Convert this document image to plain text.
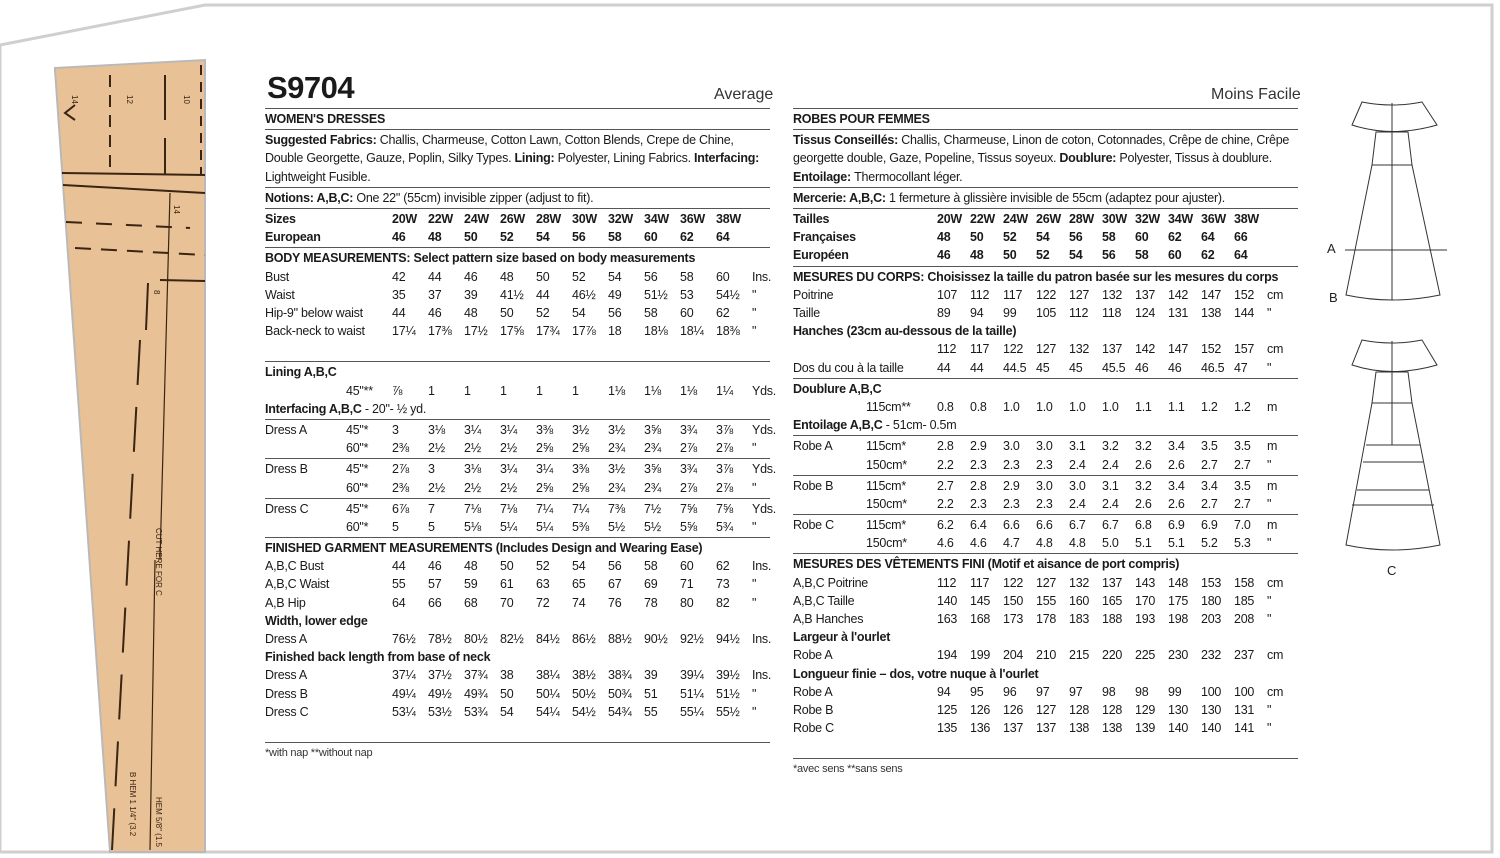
14	12	10
14
8
CUT HERE FOR C
B HEM 1 1/4" (3.2 HEM 5/8" (1.5
A
B
C
S9704	Average	Moins Facile
WOMEN'S DRESSES
Suggested Fabrics: Challis, Charmeuse, Cotton Lawn, Cotton Blends, Crepe de Chine, Double Georgette, Gauze, Poplin, Silky Types. Lining: Polyester, Lining Fabrics. Interfacing: Lightweight Fusible.
Notions: A,B,C: One 22" (55cm) invisible zipper (adjust to fit).
Sizes	20W 22W 24W 26W 28W 30W 32W 34W 36W 38W
European	46	48	50	52	54	56	58	60	62	64
BODY MEASUREMENTS: Select pattern size based on body measurements
Bust	42	44	46	48	50	52	54	56	58	60	Ins.
Waist	35	37	39	41½ 44	46½ 49	51½ 53	54½ "
Hip-9" below waist 44	46	48	50	52	54	56	58	60	62	"
Back-neck to waist 17¼ 17⅜ 17½ 17⅝ 17¾ 17⅞ 18	18⅛ 18¼ 18⅜ "
Lining A,B,C
45"**	⅞	1	1	1	1	1	1⅛	1⅛	1⅛	1¼	Yds.
Interfacing A,B,C - 20"- ½ yd.
Dress A	45"*	3	3⅛	3¼	3¼	3⅜	3½	3½	3⅝	3¾	3⅞	Yds.
60"*	2⅜	2½	2½	2½	2⅝	2⅝	2¾	2¾	2⅞	2⅞	"
Dress B	45"*	2⅞	3	3⅛	3¼	3¼	3⅜	3½	3⅝	3¾	3⅞	Yds.
60"*	2⅜	2½	2½	2½	2⅝	2⅝	2¾	2¾	2⅞	2⅞	"
Dress C	45"*	6⅞	7	7⅛	7⅛	7¼	7¼	7⅜	7½	7⅝	7⅝	Yds.
60"*	5	5	5⅛	5¼	5¼	5⅜	5½	5½	5⅝	5¾	"
FINISHED GARMENT MEASUREMENTS (Includes Design and Wearing Ease)
A,B,C Bust	44	46	48	50	52	54	56	58	60	62	Ins.
A,B,C Waist	55	57	59	61	63	65	67	69	71	73	"
A,B Hip	64	66	68	70	72	74	76	78	80	82	"
Width, lower edge
Dress A	76½ 78½ 80½ 82½ 84½ 86½ 88½ 90½ 92½ 94½ Ins.
Finished back length from base of neck
Dress A	37¼ 37½ 37¾ 38	38¼ 38½ 38¾ 39	39¼ 39½ Ins.
Dress B	49¼ 49½ 49¾ 50	50¼ 50½ 50¾ 51	51¼ 51½ "
Dress C	53¼ 53½ 53¾ 54	54¼ 54½ 54¾ 55	55¼ 55½ "
*with nap **without nap
ROBES POUR FEMMES
Tissus Conseillés: Challis, Charmeuse, Linon de coton, Cotonnades, Crêpe de chine, Crêpe georgette double, Gaze, Popeline, Tissus soyeux. Doublure: Polyester, Tissus à doublure. Entoilage: Thermocollant léger.
Mercerie: A,B,C: 1 fermeture à glissière invisible de 55cm (adaptez pour ajuster).
Tailles	20W 22W 24W 26W 28W 30W 32W 34W 36W 38W
Françaises	48	50	52	54	56	58	60	62	64	66
Européen	46	48	50	52	54	56	58	60	62	64
MESURES DU CORPS: Choisissez la taille du patron basée sur les mesures du corps
Poitrine	107	112	117	122	127	132	137	142	147	152	cm
Taille	89	94	99	105	112	118	124	131	138	144	"
Hanches (23cm au-dessous de la taille)
112	117	122	127	132	137	142	147	152	157	cm
Dos du cou à la taille	44	44	44.5 45	45	45.5 46	46	46.5 47	"
Doublure A,B,C
115cm**	0.8	0.8	1.0	1.0	1.0	1.0	1.1	1.1	1.2	1.2	m
Entoilage A,B,C - 51cm- 0.5m
Robe A	115cm*	2.8	2.9	3.0	3.0	3.1	3.2	3.2	3.4	3.5	3.5	m
150cm*	2.2	2.3	2.3	2.3	2.4	2.4	2.6	2.6	2.7	2.7	"
Robe B	115cm*	2.7	2.8	2.9	3.0	3.0	3.1	3.2	3.4	3.4	3.5	m
150cm*	2.2	2.3	2.3	2.3	2.4	2.4	2.6	2.6	2.7	2.7	"
Robe C	115cm*	6.2	6.4	6.6	6.6	6.7	6.7	6.8	6.9	6.9	7.0	m
150cm*	4.6	4.6	4.7	4.8	4.8	5.0	5.1	5.1	5.2	5.3	"
MESURES DES VÊTEMENTS FINI (Motif et aisance de port compris)
A,B,C Poitrine	112	117	122	127	132	137	143	148	153	158	cm
A,B,C Taille	140	145	150	155	160	165	170	175	180	185	"
A,B Hanches	163	168	173	178	183	188	193	198	203	208	"
Largeur à l'ourlet
Robe A	194	199	204	210	215	220	225	230	232	237	cm
Longueur finie – dos, votre nuque à l'ourlet
Robe A	94	95	96	97	97	98	98	99	100	100	cm
Robe B	125	126	126	127	128	128	129	130	130	131	"
Robe C	135	136	137	137	138	138	139	140	140	141	"
*avec sens **sans sens
